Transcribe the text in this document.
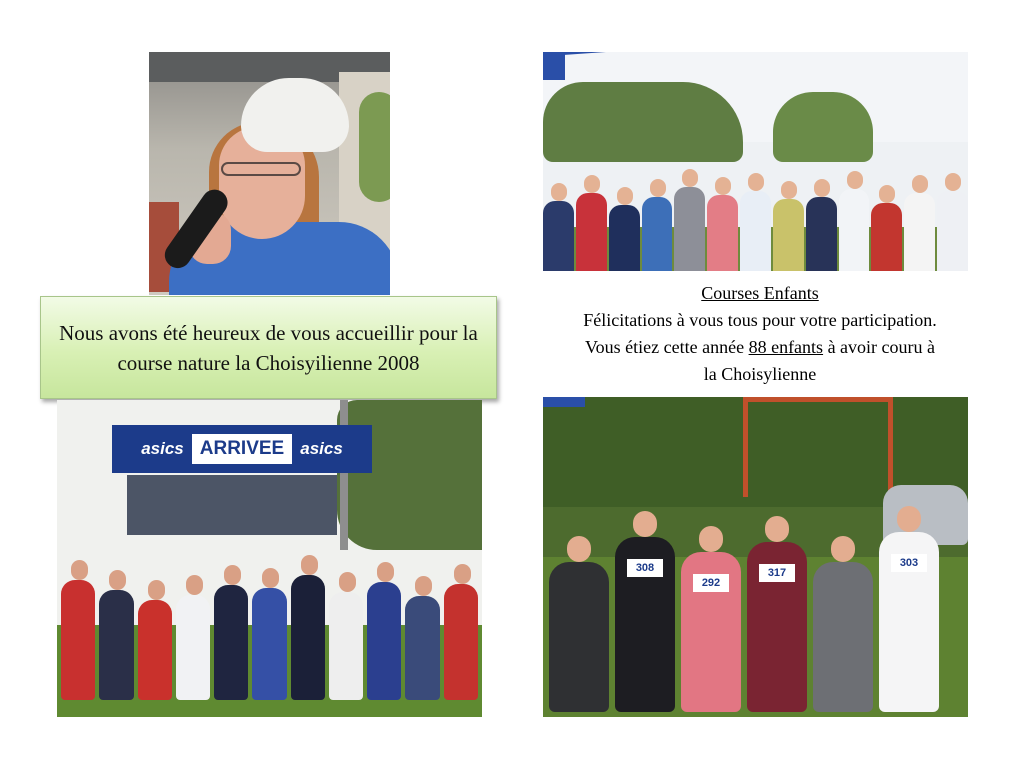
Nous avons été heureux de vous accueillir pour la course nature la Choisyilienne 2008
Courses Enfants
Félicitations à vous tous pour votre participation.
Vous étiez cette année 88 enfants à avoir couru à
la Choisylienne
asics ARRIVEE asics
308
292
317
303
